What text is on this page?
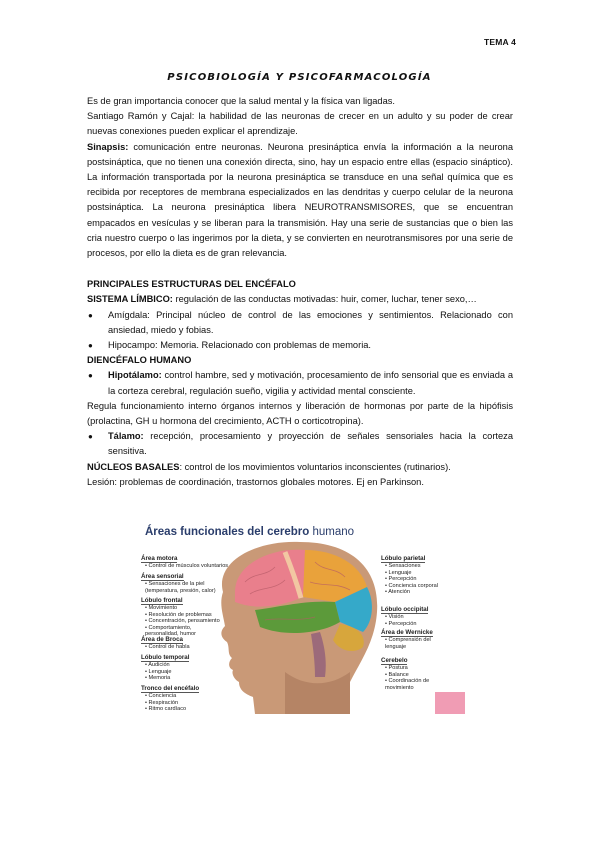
TEMA 4
PSICOBIOLOGÍA Y PSICOFARMACOLOGÍA

Es de gran importancia conocer que la salud mental y la física van ligadas.

Santiago Ramón y Cajal: la habilidad de las neuronas de crecer en un adulto y su poder de crear nuevas conexiones pueden explicar el aprendizaje.

Sinapsis: comunicación entre neuronas. Neurona presináptica envía la información a la neurona postsináptica, que no tienen una conexión directa, sino, hay un espacio entre ellas (espacio sináptico). La información transportada por la neurona presináptica se transduce en una señal química que es recibida por receptores de membrana especializados en las dendritas y cuerpo celular de la neurona postsináptica. La neurona presináptica libera NEUROTRANSMISORES, que se encuentran empacados en vesículas y se liberan para la transmisión. Hay una serie de sustancias que o bien las cria nuestro cuerpo o las ingerimos por la dieta, y se convierten en neurotransmisores por una serie de procesos, por ello la dieta es de gran relevancia.

PRINCIPALES ESTRUCTURAS DEL ENCÉFALO

SISTEMA LÍMBICO: regulación de las conductas motivadas: huir, comer, luchar, tener sexo,…

●	Amígdala: Principal núcleo de control de las emociones y sentimientos. Relacionado con ansiedad, miedo y fobias.
●	Hipocampo: Memoria. Relacionado con problemas de memoria.

DIENCÉFALO HUMANO

●	Hipotálamo: control hambre, sed y motivación, procesamiento de info sensorial que es enviada a la corteza cerebral, regulación sueño, vigilia y actividad mental consciente.

Regula funcionamiento interno órganos internos y liberación de hormonas por parte de la hipófisis (prolactina, GH u hormona del crecimiento, ACTH o corticotropina).

●	Tálamo: recepción, procesamiento y proyección de señales sensoriales hacia la corteza sensitiva.

NÚCLEOS BASALES: control de los movimientos voluntarios inconscientes (rutinarios).

Lesión: problemas de coordinación, trastornos globales motores. Ej en Parkinson.

Áreas funcionales del cerebro humano
Área motora
• Control de músculos voluntarios
Área sensorial
• Sensaciones de la piel
(temperatura, presión, calor)
Lóbulo frontal
• Movimiento
• Resolución de problemas
• Concentración, pensamiento
• Comportamiento,
personalidad, humor
Área de Broca
• Control de habla
Lóbulo temporal
• Audición
• Lenguaje
• Memoria
Tronco del encéfalo
• Conciencia
• Respiración
• Ritmo cardíaco
Lóbulo parietal
• Sensaciones
• Lenguaje
• Percepción
• Conciencia corporal
• Atención
Lóbulo occipital
• Visión
• Percepción
Área de Wernicke
• Comprensión del
lenguaje
Cerebelo
• Postura
• Balance
• Coordinación de
movimiento
